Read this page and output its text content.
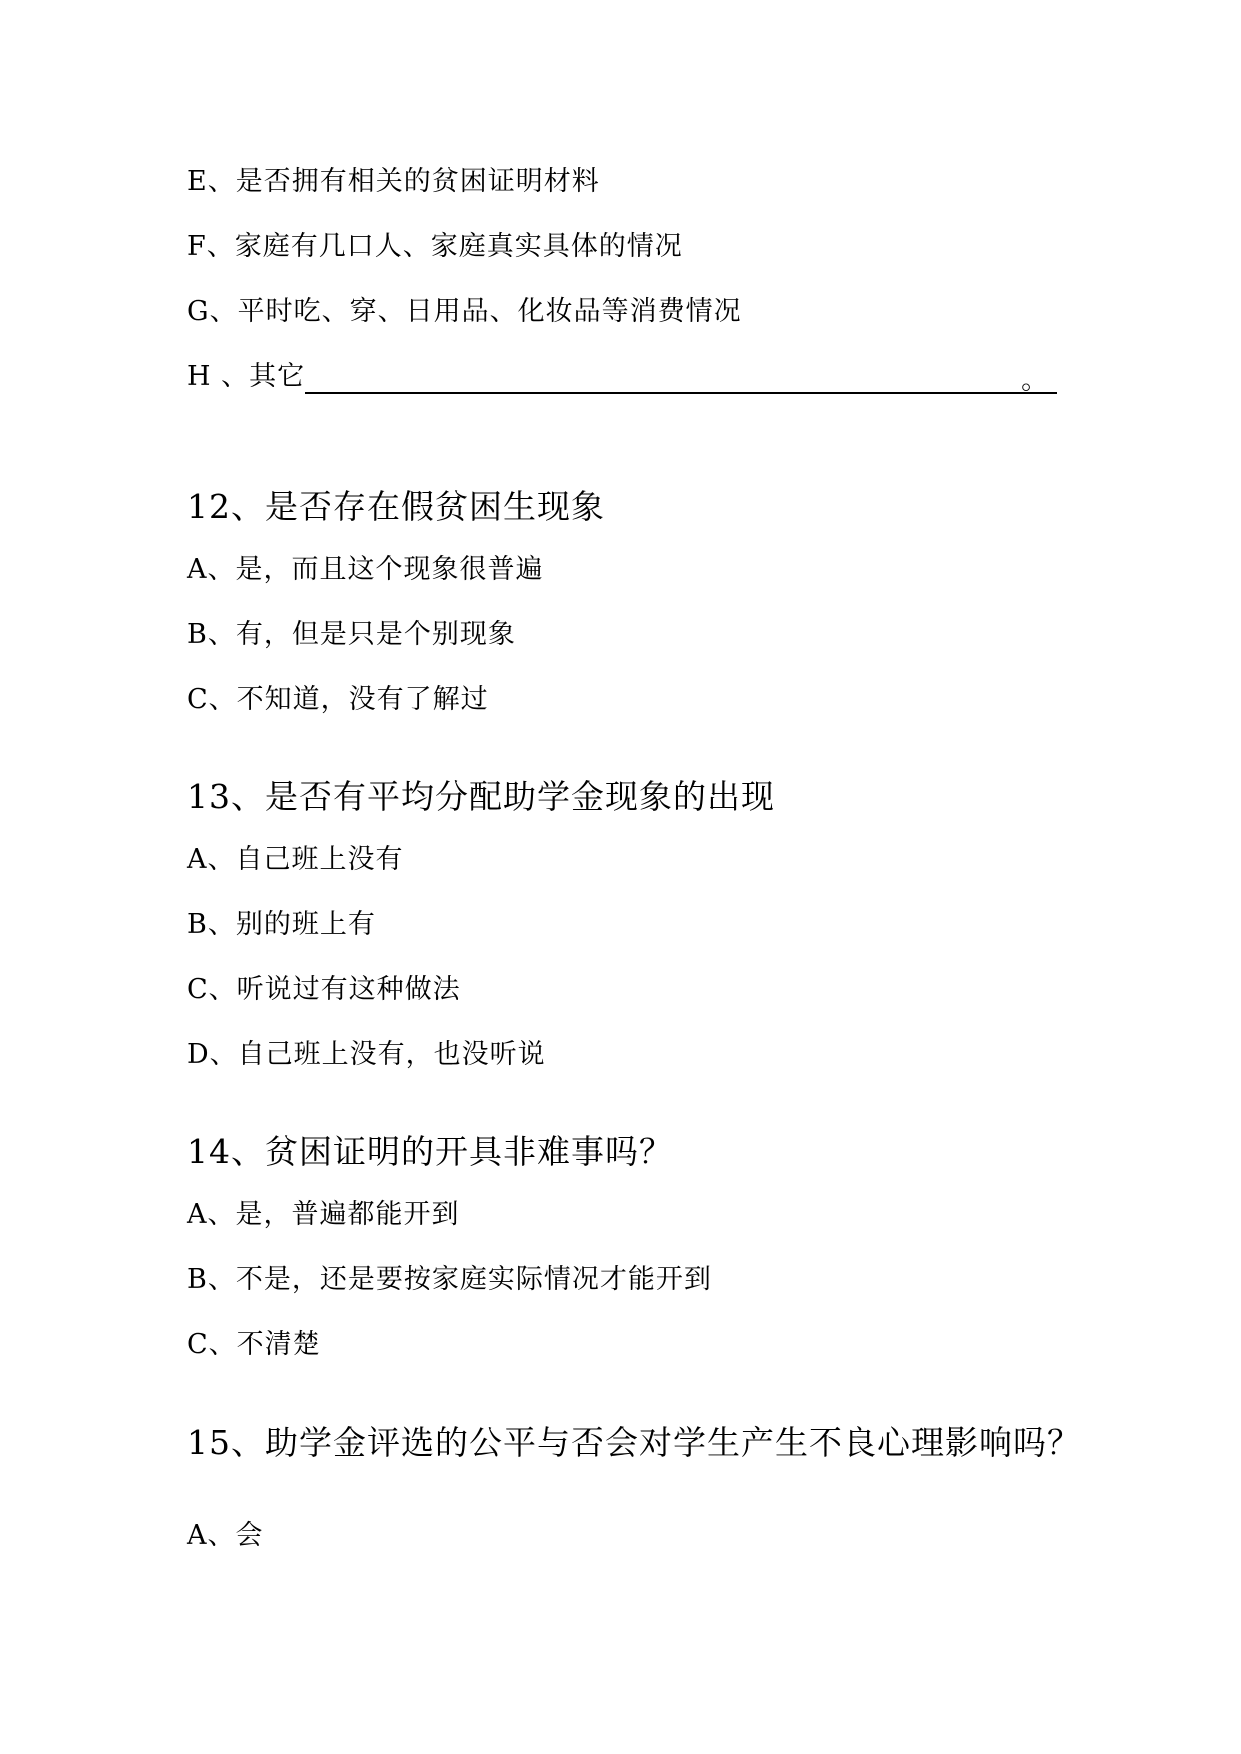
E、是否拥有相关的贫困证明材料
F、家庭有几口人、家庭真实具体的情况
G、平时吃、穿、日用品、化妆品等消费情况
H 、其它	。
12、是否存在假贫困生现象
A、是，而且这个现象很普遍
B、有，但是只是个别现象
C、不知道，没有了解过
13、是否有平均分配助学金现象的出现
A、自己班上没有
B、别的班上有
C、听说过有这种做法
D、自己班上没有，也没听说
14、贫困证明的开具非难事吗？
A、是，普遍都能开到
B、不是，还是要按家庭实际情况才能开到
C、不清楚
15、助学金评选的公平与否会对学生产生不良心理影响吗？
A、会
